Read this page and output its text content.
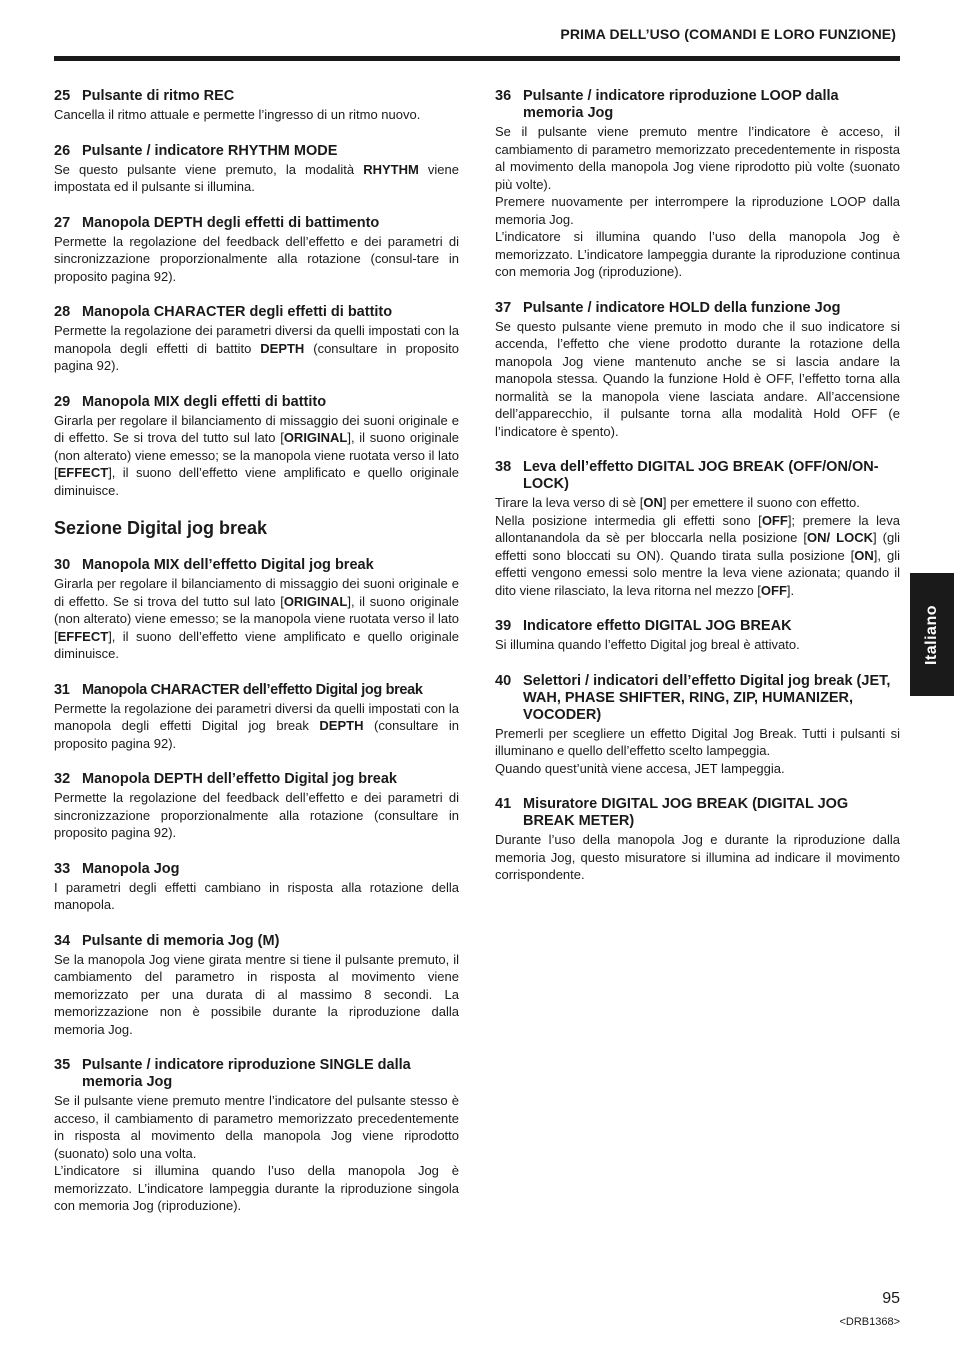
PRIMA DELL’USO (COMANDI E LORO FUNZIONE)
Italiano
25 Pulsante di ritmo REC

Cancella il ritmo attuale e permette l’ingresso di un ritmo nuovo.

26 Pulsante / indicatore RHYTHM MODE

Se questo pulsante viene premuto, la modalità RHYTHM viene impostata ed il pulsante si illumina.

27 Manopola DEPTH degli effetti di battimento

Permette la regolazione del feedback dell’effetto e dei parametri di sincronizzazione proporzionalmente alla rotazione (consul-tare in proposito pagina 92).

28 Manopola CHARACTER degli effetti di battito

Permette la regolazione dei parametri diversi da quelli impostati con la manopola degli effetti di battito DEPTH (consultare in proposito pagina 92).

29 Manopola MIX degli effetti di battito

Girarla per regolare il bilanciamento di missaggio dei suoni originale e di effetto. Se si trova del tutto sul lato [ORIGINAL], il suono originale (non alterato) viene emesso; se la manopola viene ruotata verso il lato [EFFECT], il suono dell’effetto viene amplificato e quello originale diminuisce.

Sezione Digital jog break
30 Manopola MIX dell’effetto Digital jog break

Girarla per regolare il bilanciamento di missaggio dei suoni originale e di effetto. Se si trova del tutto sul lato [ORIGINAL], il suono originale (non alterato) viene emesso; se la manopola viene ruotata verso il lato [EFFECT], il suono dell’effetto viene amplificato e quello originale diminuisce.

31 Manopola CHARACTER dell’effetto Digital jog break

Permette la regolazione dei parametri diversi da quelli impostati con la manopola degli effetti Digital jog break DEPTH (consultare in proposito pagina 92).

32 Manopola DEPTH dell’effetto Digital jog break

Permette la regolazione del feedback dell’effetto e dei parametri di sincronizzazione proporzionalmente alla rotazione (consultare in proposito pagina 92).

33 Manopola Jog

I parametri degli effetti cambiano in risposta alla rotazione della manopola.

34 Pulsante di memoria Jog (M)

Se la manopola Jog viene girata mentre si tiene il pulsante premuto, il cambiamento del parametro in risposta al movimento viene memorizzato per una durata di al massimo 8 secondi. La memorizzazione non è possibile durante la riproduzione dalla memoria Jog.

35 Pulsante / indicatore riproduzione SINGLE dalla memoria Jog

Se il pulsante viene premuto mentre l’indicatore del pulsante stesso è acceso, il cambiamento di parametro memorizzato precedentemente in risposta al movimento della manopola Jog viene riprodotto (suonato) solo una volta.

L’indicatore si illumina quando l’uso della manopola Jog è memorizzato. L’indicatore lampeggia durante la riproduzione singola con memoria Jog (riproduzione).

36 Pulsante / indicatore riproduzione LOOP dalla memoria Jog

Se il pulsante viene premuto mentre l’indicatore è acceso, il cambiamento di parametro memorizzato precedentemente in risposta al movimento della manopola Jog viene riprodotto più volte (suonato più volte).

Premere nuovamente per interrompere la riproduzione LOOP dalla memoria Jog.

L’indicatore si illumina quando l’uso della manopola Jog è memorizzato. L’indicatore lampeggia durante la riproduzione continua con memoria Jog (riproduzione).

37 Pulsante / indicatore HOLD della funzione Jog

Se questo pulsante viene premuto in modo che il suo indicatore si accenda, l’effetto che viene prodotto durante la rotazione della manopola Jog viene mantenuto anche se si lascia andare la manopola stessa. Quando la funzione Hold è OFF, l’effetto torna alla normalità se la manopola viene lasciata andare. All’accensione dell’apparecchio, il pulsante torna alla modalità Hold OFF (e l’indicatore è spento).

38 Leva dell’effetto DIGITAL JOG BREAK (OFF/ON/ON-LOCK)

Tirare la leva verso di sè [ON] per emettere il suono con effetto.

Nella posizione intermedia gli effetti sono [OFF]; premere la leva allontanandola da sè per bloccarla nella posizione [ON/ LOCK] (gli effetti sono bloccati su ON). Quando tirata sulla posizione [ON], gli effetti vengono emessi solo mentre la leva viene azionata; quando il dito viene rilasciato, la leva ritorna nel mezzo [OFF].

39 Indicatore effetto DIGITAL JOG BREAK

Si illumina quando l’effetto Digital jog breal è attivato.

40 Selettori / indicatori dell’effetto Digital jog break (JET, WAH, PHASE SHIFTER, RING, ZIP, HUMANIZER, VOCODER)

Premerli per scegliere un effetto Digital Jog Break. Tutti i pulsanti si illuminano e quello dell’effetto scelto lampeggia.

Quando quest’unità viene accesa, JET lampeggia.

41 Misuratore DIGITAL JOG BREAK (DIGITAL JOG BREAK METER)

Durante l’uso della manopola Jog e durante la riproduzione dalla memoria Jog, questo misuratore si illumina ad indicare il movimento corrispondente.

95
<DRB1368>
